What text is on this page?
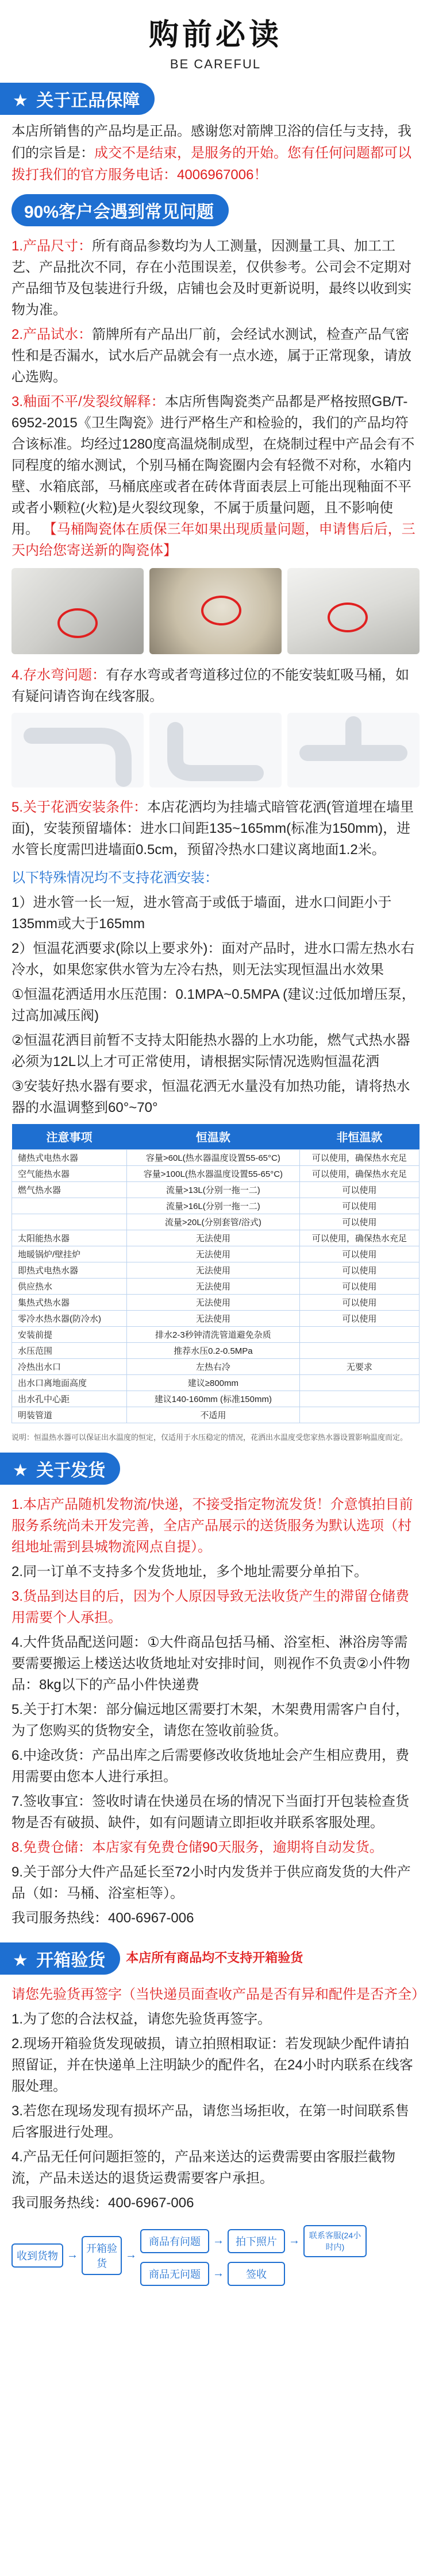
购前必读
BE CAREFUL
★ 关于正品保障
本店所销售的产品均是正品。感谢您对箭牌卫浴的信任与支持，我们的宗旨是：成交不是结束，是服务的开始。您有任何问题都可以拨打我们的官方服务电话：4006967006！
90%客户会遇到常见问题
1.产品尺寸：所有商品参数均为人工测量，因测量工具、加工工艺、产品批次不同，存在小范围误差，仅供参考。公司会不定期对产品细节及包装进行升级，店铺也会及时更新说明，最终以收到实物为准。
2.产品试水：箭牌所有产品出厂前，会经试水测试，检查产品气密性和是否漏水，试水后产品就会有一点水迹，属于正常现象，请放心选购。
3.釉面不平/发裂纹解释：本店所售陶瓷类产品都是严格按照GB/T-6952-2015《卫生陶瓷》进行严格生产和检验的，我们的产品均符合该标准。均经过1280度高温烧制成型，在烧制过程中产品会有不同程度的缩水测试，个别马桶在陶瓷圈内会有轻微不对称，水箱内壁、水箱底部，马桶底座或者在砖体背面表层上可能出现釉面不平或者小颗粒(火粒)是火裂纹现象，不属于质量问题，且不影响使用。 【马桶陶瓷体在质保三年如果出现质量问题，申请售后后，三天内给您寄送新的陶瓷体】
4.存水弯问题：有存水弯或者弯道移过位的不能安装虹吸马桶，如有疑问请咨询在线客服。
5.关于花洒安装条件：本店花洒均为挂墙式暗管花洒(管道埋在墙里面)，安装预留墙体：进水口间距135~165mm(标准为150mm)，进水管长度需凹进墙面0.5cm，预留冷热水口建议离地面1.2米。
以下特殊情况均不支持花洒安装：
1）进水管一长一短，进水管高于或低于墙面，进水口间距小于135mm或大于165mm
2）恒温花洒要求(除以上要求外)：面对产品时，进水口需左热水右冷水，如果您家供水管为左冷右热，则无法实现恒温出水效果
①恒温花洒适用水压范围：0.1MPA~0.5MPA (建议:过低加增压泵，过高加减压阀)
②恒温花洒目前暂不支持太阳能热水器的上水功能，燃气式热水器必须为12L以上才可正常使用，请根据实际情况选购恒温花洒
③安装好热水器有要求，恒温花洒无水量没有加热功能，请将热水器的水温调整到60°~70°
注意事项	恒温款	非恒温款
储热式电热水器	容量>60L(热水器温度设置55-65°C)	可以使用，确保热水充足
空气能热水器	容量>100L(热水器温度设置55-65°C)	可以使用，确保热水充足
燃气热水器	流量>13L(分别一拖一二)	可以使用
	流量>16L(分别一拖一二)	可以使用
	流量>20L(分别套管/浴式)	可以使用
太阳能热水器	无法使用	可以使用，确保热水充足
地暖锅炉/壁挂炉	无法使用	可以使用
即热式电热水器	无法使用	可以使用
供应热水	无法使用	可以使用
集热式热水器	无法使用	可以使用
零冷水热水器(防冷水)	无法使用	可以使用
安装前提	排水2-3秒钟清洗管道避免杂质	
水压范围	推荐水压0.2-0.5MPa	
冷热出水口	左热右冷	无要求
出水口离地面高度	建议≥800mm	
出水孔中心距	建议140-160mm (标准150mm)	
明装管道	不适用	
说明：恒温热水器可以保证出水温度的恒定，仅适用于水压稳定的情况，花洒出水温度受您家热水器设置影响温度而定。
★ 关于发货
1.本店产品随机发物流/快递，不接受指定物流发货！介意慎拍目前服务系统尚未开发完善，全店产品展示的送货服务为默认选项（村组地址需到县城物流网点自提）。
2.同一订单不支持多个发货地址，多个地址需要分单拍下。
3.货品到达目的后，因为个人原因导致无法收货产生的滞留仓储费用需要个人承担。
4.大件货品配送问题：①大件商品包括马桶、浴室柜、淋浴房等需要需要搬运上楼送达收货地址对安排时间，则视作不负责②小件物品：8kg以下的产品小件快递费
5.关于打木架：部分偏远地区需要打木架，木架费用需客户自付，为了您购买的货物安全，请您在签收前验货。
6.中途改货：产品出库之后需要修改收货地址会产生相应费用，费用需要由您本人进行承担。
7.签收事宜：签收时请在快递员在场的情况下当面打开包装检查货物是否有破损、缺件，如有问题请立即拒收并联系客服处理。
8.免费仓储：本店家有免费仓储90天服务，逾期将自动发货。
9.关于部分大件产品延长至72小时内发货并于供应商发货的大件产品（如：马桶、浴室柜等）。
我司服务热线：400-6967-006
★ 开箱验货	本店所有商品均不支持开箱验货
请您先验货再签字（当快递员面查收产品是否有异和配件是否齐全）
1.为了您的合法权益，请您先验货再签字。
2.现场开箱验货发现破损，请立拍照相取证：若发现缺少配件请拍照留证，并在快递单上注明缺少的配件名，在24小时内联系在线客服处理。
3.若您在现场发现有损坏产品，请您当场拒收，在第一时间联系售后客服进行处理。
4.产品无任何问题拒签的，产品来送达的运费需要由客服拦截物流，产品未送达的退货运费需要客户承担。
我司服务热线：400-6967-006
收到货物 →
开箱验货
→
商品有问题	→	拍下照片	→	联系客服(24小时内)
商品无问题	→	签收
